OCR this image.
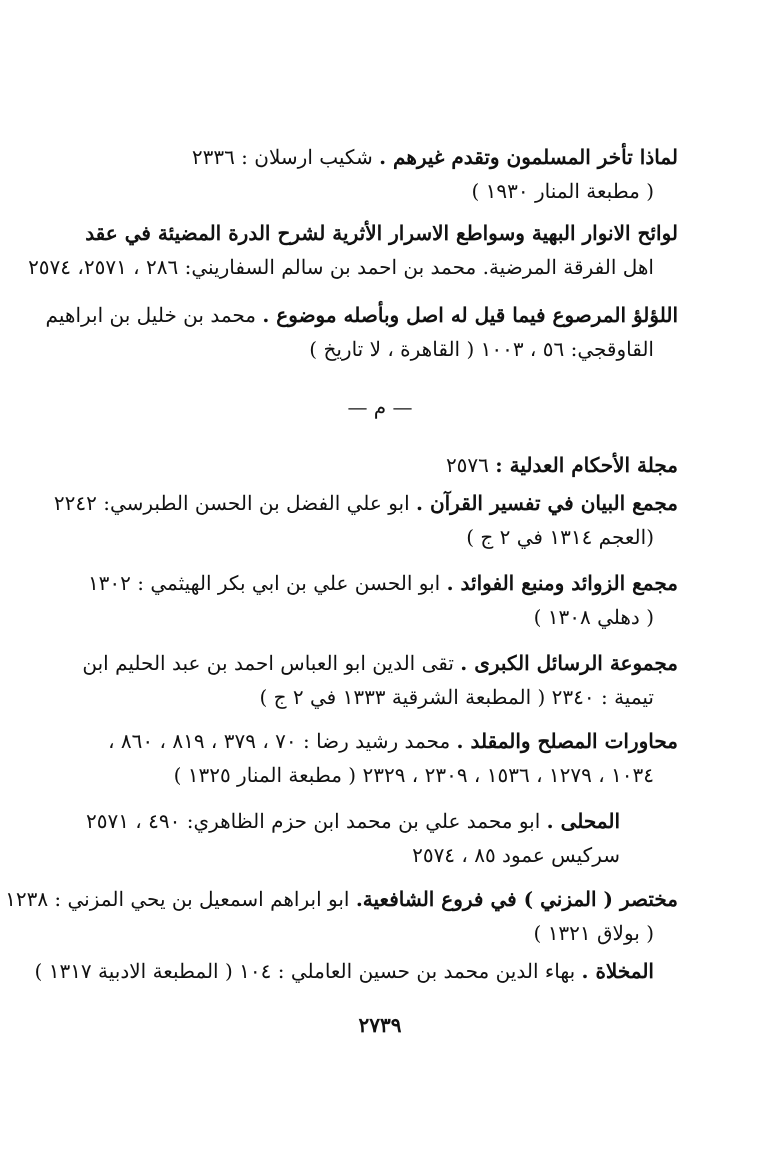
لماذا تأخر المسلمون وتقدم غيرهم . شكيب ارسلان : ٢٣٣٦
( مطبعة المنار ١٩٣٠ )
لوائح الانوار البهية وسواطع الاسرار الأثرية لشرح الدرة المضيئة في عقد
اهل الفرقة المرضية. محمد بن احمد بن سالم السفاريني: ٢٨٦ ، ٢٥٧١، ٢٥٧٤
اللؤلؤ المرصوع فيما قيل له اصل وبأصله موضوع . محمد بن خليل بن ابراهيم
القاوقجي: ٥٦ ، ١٠٠٣ ( القاهرة ، لا تاريخ )
— م —
مجلة الأحكام العدلية : ٢٥٧٦
مجمع البيان في تفسير القرآن . ابو علي الفضل بن الحسن الطبرسي: ٢٢٤٢
(العجم ١٣١٤ في ٢ ج )
مجمع الزوائد ومنبع الفوائد . ابو الحسن علي بن ابي بكر الهيثمي : ١٣٠٢
( دهلي ١٣٠٨ )
مجموعة الرسائل الكبرى . تقى الدين ابو العباس احمد بن عبد الحليم ابن
تيمية : ٢٣٤٠ ( المطبعة الشرقية ١٣٣٣ في ٢ ج )
محاورات المصلح والمقلد . محمد رشيد رضا : ٧٠ ، ٣٧٩ ، ٨١٩ ، ٨٦٠ ،
١٠٣٤ ، ١٢٧٩ ، ١٥٣٦ ، ٢٣٠٩ ، ٢٣٢٩ ( مطبعة المنار ١٣٢٥ )
المحلى . ابو محمد علي بن محمد ابن حزم الظاهري: ٤٩٠ ، ٢٥٧١
سركيس عمود ٨٥ ، ٢٥٧٤
مختصر ( المزني ) في فروع الشافعية. ابو ابراهم اسمعيل بن يحي المزني : ١٢٣٨
( بولاق ١٣٢١ )
المخلاة . بهاء الدين محمد بن حسين العاملي : ١٠٤ ( المطبعة الادبية ١٣١٧ )
٢٧٣٩
